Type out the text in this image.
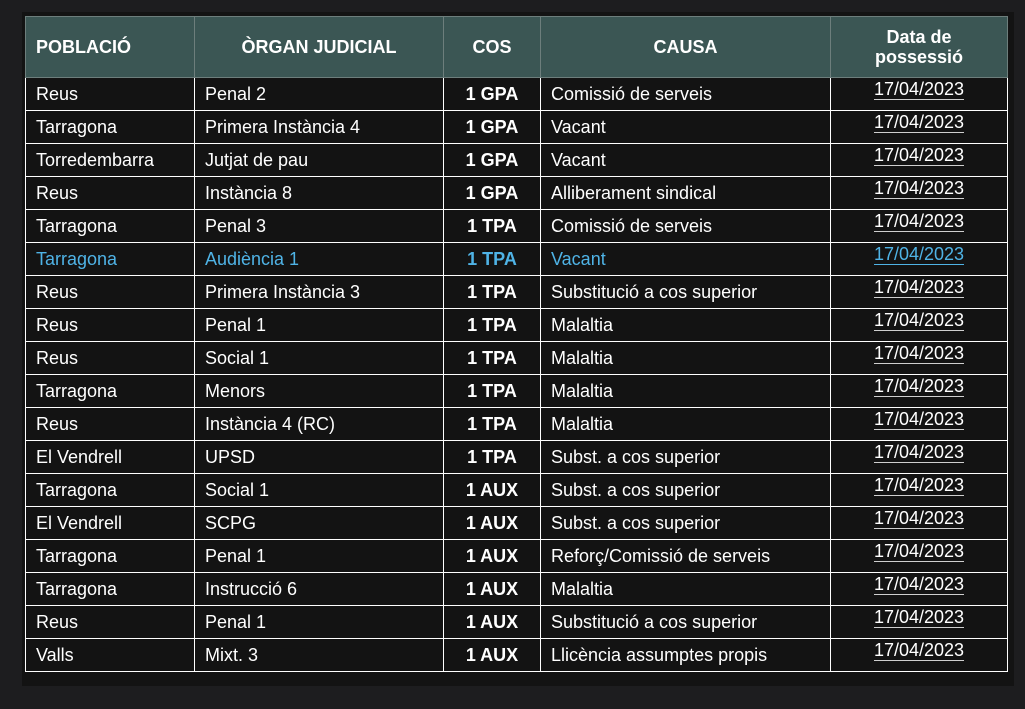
POBLACIÓ	ÒRGAN JUDICIAL	COS	CAUSA	Data de
possessió

Reus	Penal 2	1 GPA	Comissió de serveis	17/04/2023
Tarragona	Primera Instància 4	1 GPA	Vacant	17/04/2023
Torredembarra	Jutjat de pau	1 GPA	Vacant	17/04/2023
Reus	Instància 8	1 GPA	Alliberament sindical	17/04/2023
Tarragona	Penal 3	1 TPA	Comissió de serveis	17/04/2023
Tarragona	Audiència 1	1 TPA	Vacant	17/04/2023
Reus	Primera Instància 3	1 TPA	Substitució a cos superior	17/04/2023
Reus	Penal 1	1 TPA	Malaltia	17/04/2023
Reus	Social 1	1 TPA	Malaltia	17/04/2023
Tarragona	Menors	1 TPA	Malaltia	17/04/2023
Reus	Instància 4 (RC)	1 TPA	Malaltia	17/04/2023
El Vendrell	UPSD	1 TPA	Subst. a cos superior	17/04/2023
Tarragona	Social 1	1 AUX	Subst. a cos superior	17/04/2023
El Vendrell	SCPG	1 AUX	Subst. a cos superior	17/04/2023
Tarragona	Penal 1	1 AUX	Reforç/Comissió de serveis	17/04/2023
Tarragona	Instrucció 6	1 AUX	Malaltia	17/04/2023
Reus	Penal 1	1 AUX	Substitució a cos superior	17/04/2023
Valls	Mixt. 3	1 AUX	Llicència assumptes propis	17/04/2023
